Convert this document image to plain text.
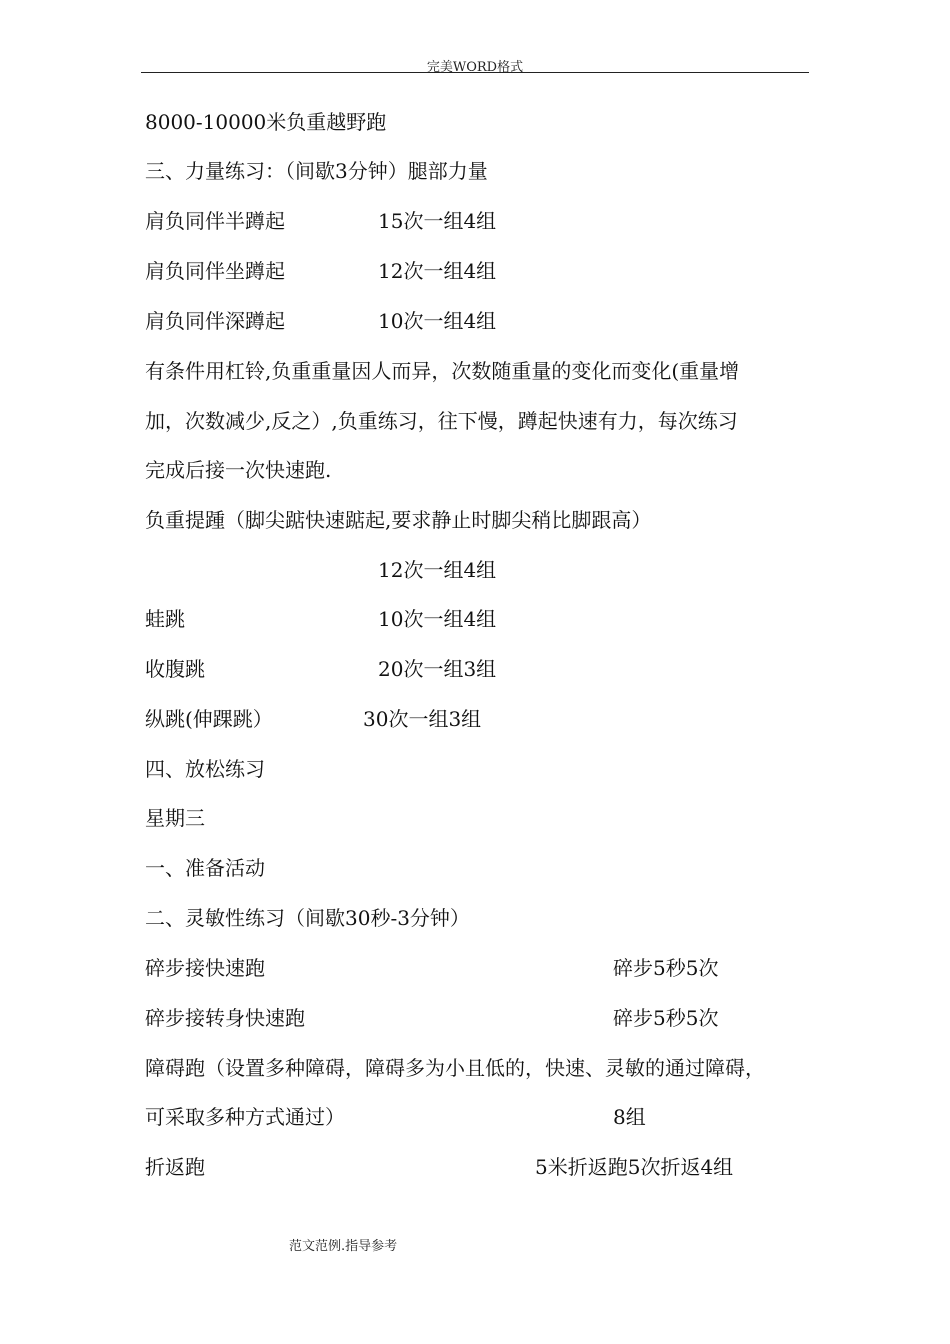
完美WORD格式
8000-10000米负重越野跑
三、力量练习：（间歇3分钟）腿部力量
肩负同伴半蹲起	15次一组4组
肩负同伴坐蹲起	12次一组4组
肩负同伴深蹲起	10次一组4组
有条件用杠铃,负重重量因人而异，次数随重量的变化而变化(重量增
加，次数减少,反之）,负重练习，往下慢，蹲起快速有力，每次练习
完成后接一次快速跑.
负重提踵（脚尖踮快速踮起,要求静止时脚尖稍比脚跟高）
12次一组4组
蛙跳	10次一组4组
收腹跳	20次一组3组
纵跳(伸踝跳）	30次一组3组
四、放松练习
星期三
一、准备活动
二、灵敏性练习（间歇30秒-3分钟）
碎步接快速跑	碎步5秒5次
碎步接转身快速跑	碎步5秒5次
障碍跑（设置多种障碍，障碍多为小且低的，快速、灵敏的通过障碍，
可采取多种方式通过）	8组
折返跑	5米折返跑5次折返4组
范文范例.指导参考
